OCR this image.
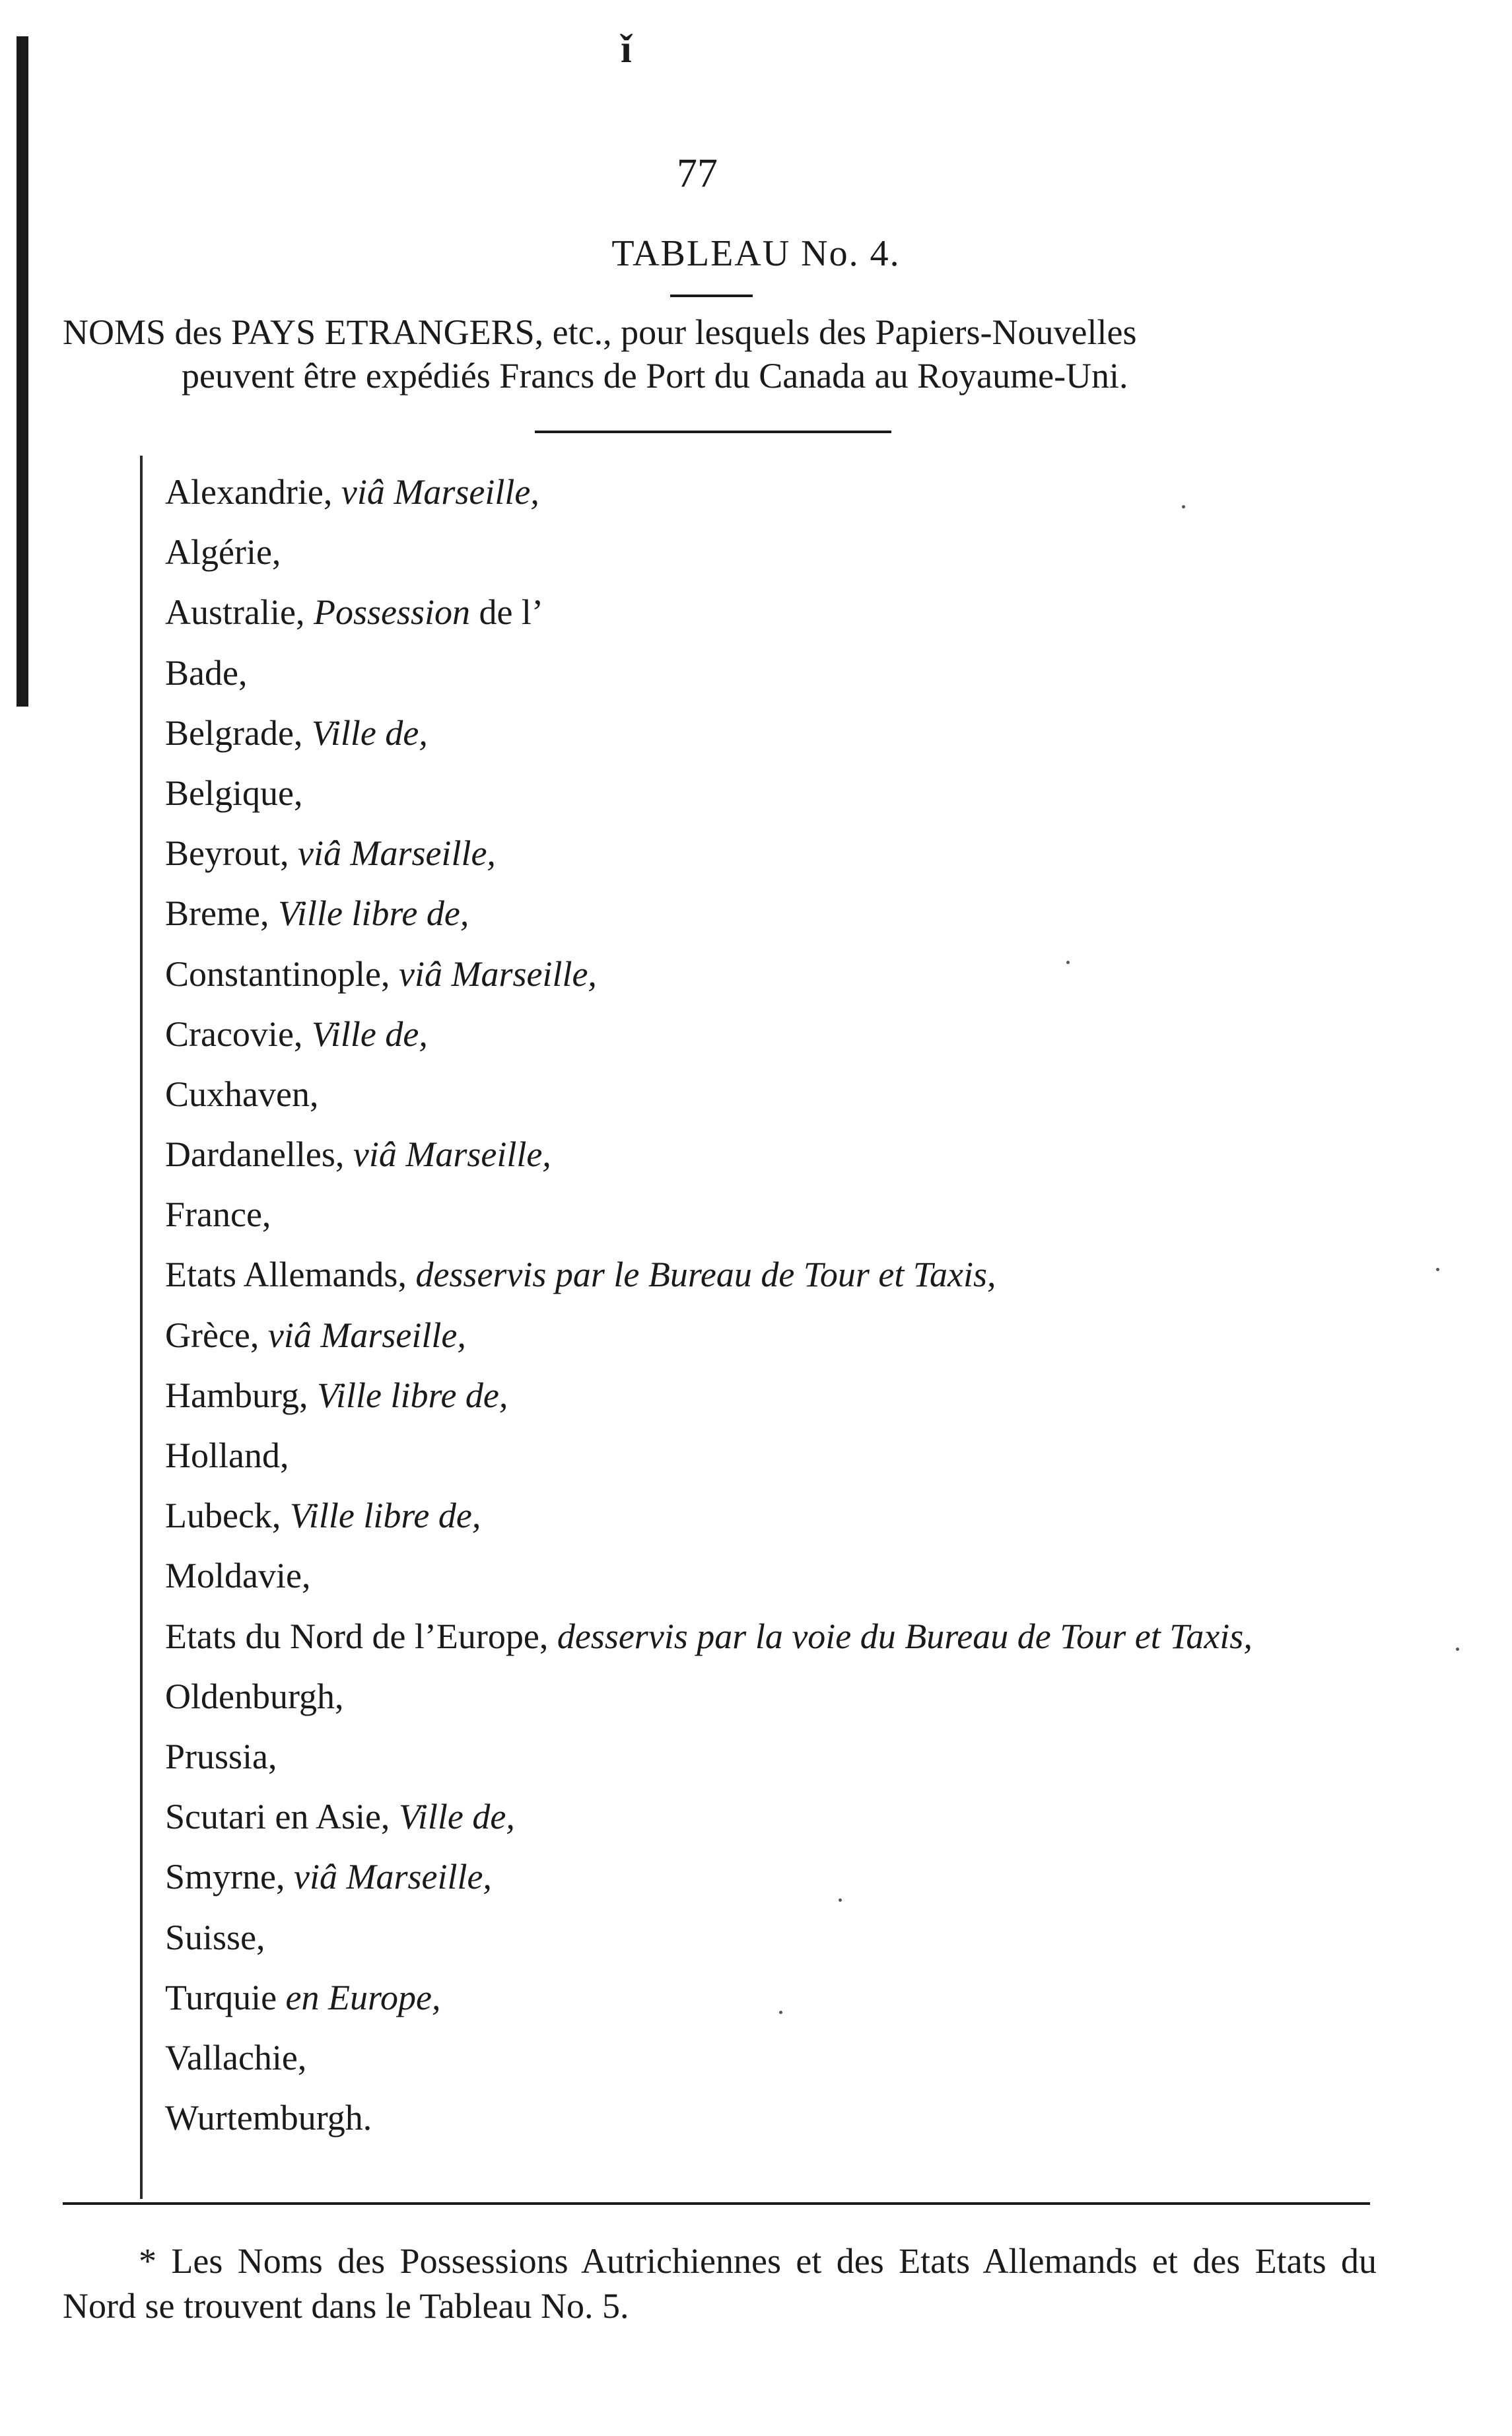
ǐ
77
TABLEAU No. 4.
NOMS des PAYS ETRANGERS, etc., pour lesquels des Papiers-Nouvelles
peuvent être expédiés Francs de Port du Canada au Royaume-Uni.
Alexandrie, viâ Marseille,
Algérie,
Australie, Possession de l’
Bade,
Belgrade, Ville de,
Belgique,
Beyrout, viâ Marseille,
Breme, Ville libre de,
Constantinople, viâ Marseille,
Cracovie, Ville de,
Cuxhaven,
Dardanelles, viâ Marseille,
France,
Etats Allemands, desservis par le Bureau de Tour et Taxis,
Grèce, viâ Marseille,
Hamburg, Ville libre de,
Holland,
Lubeck, Ville libre de,
Moldavie,
Etats du Nord de l’Europe, desservis par la voie du Bureau de Tour et Taxis,
Oldenburgh,
Prussia,
Scutari en Asie, Ville de,
Smyrne, viâ Marseille,
Suisse,
Turquie en Europe,
Vallachie,
Wurtemburgh.
* Les Noms des Possessions Autrichiennes et des Etats Allemands et des Etats du Nord se trouvent dans le Tableau No. 5.
